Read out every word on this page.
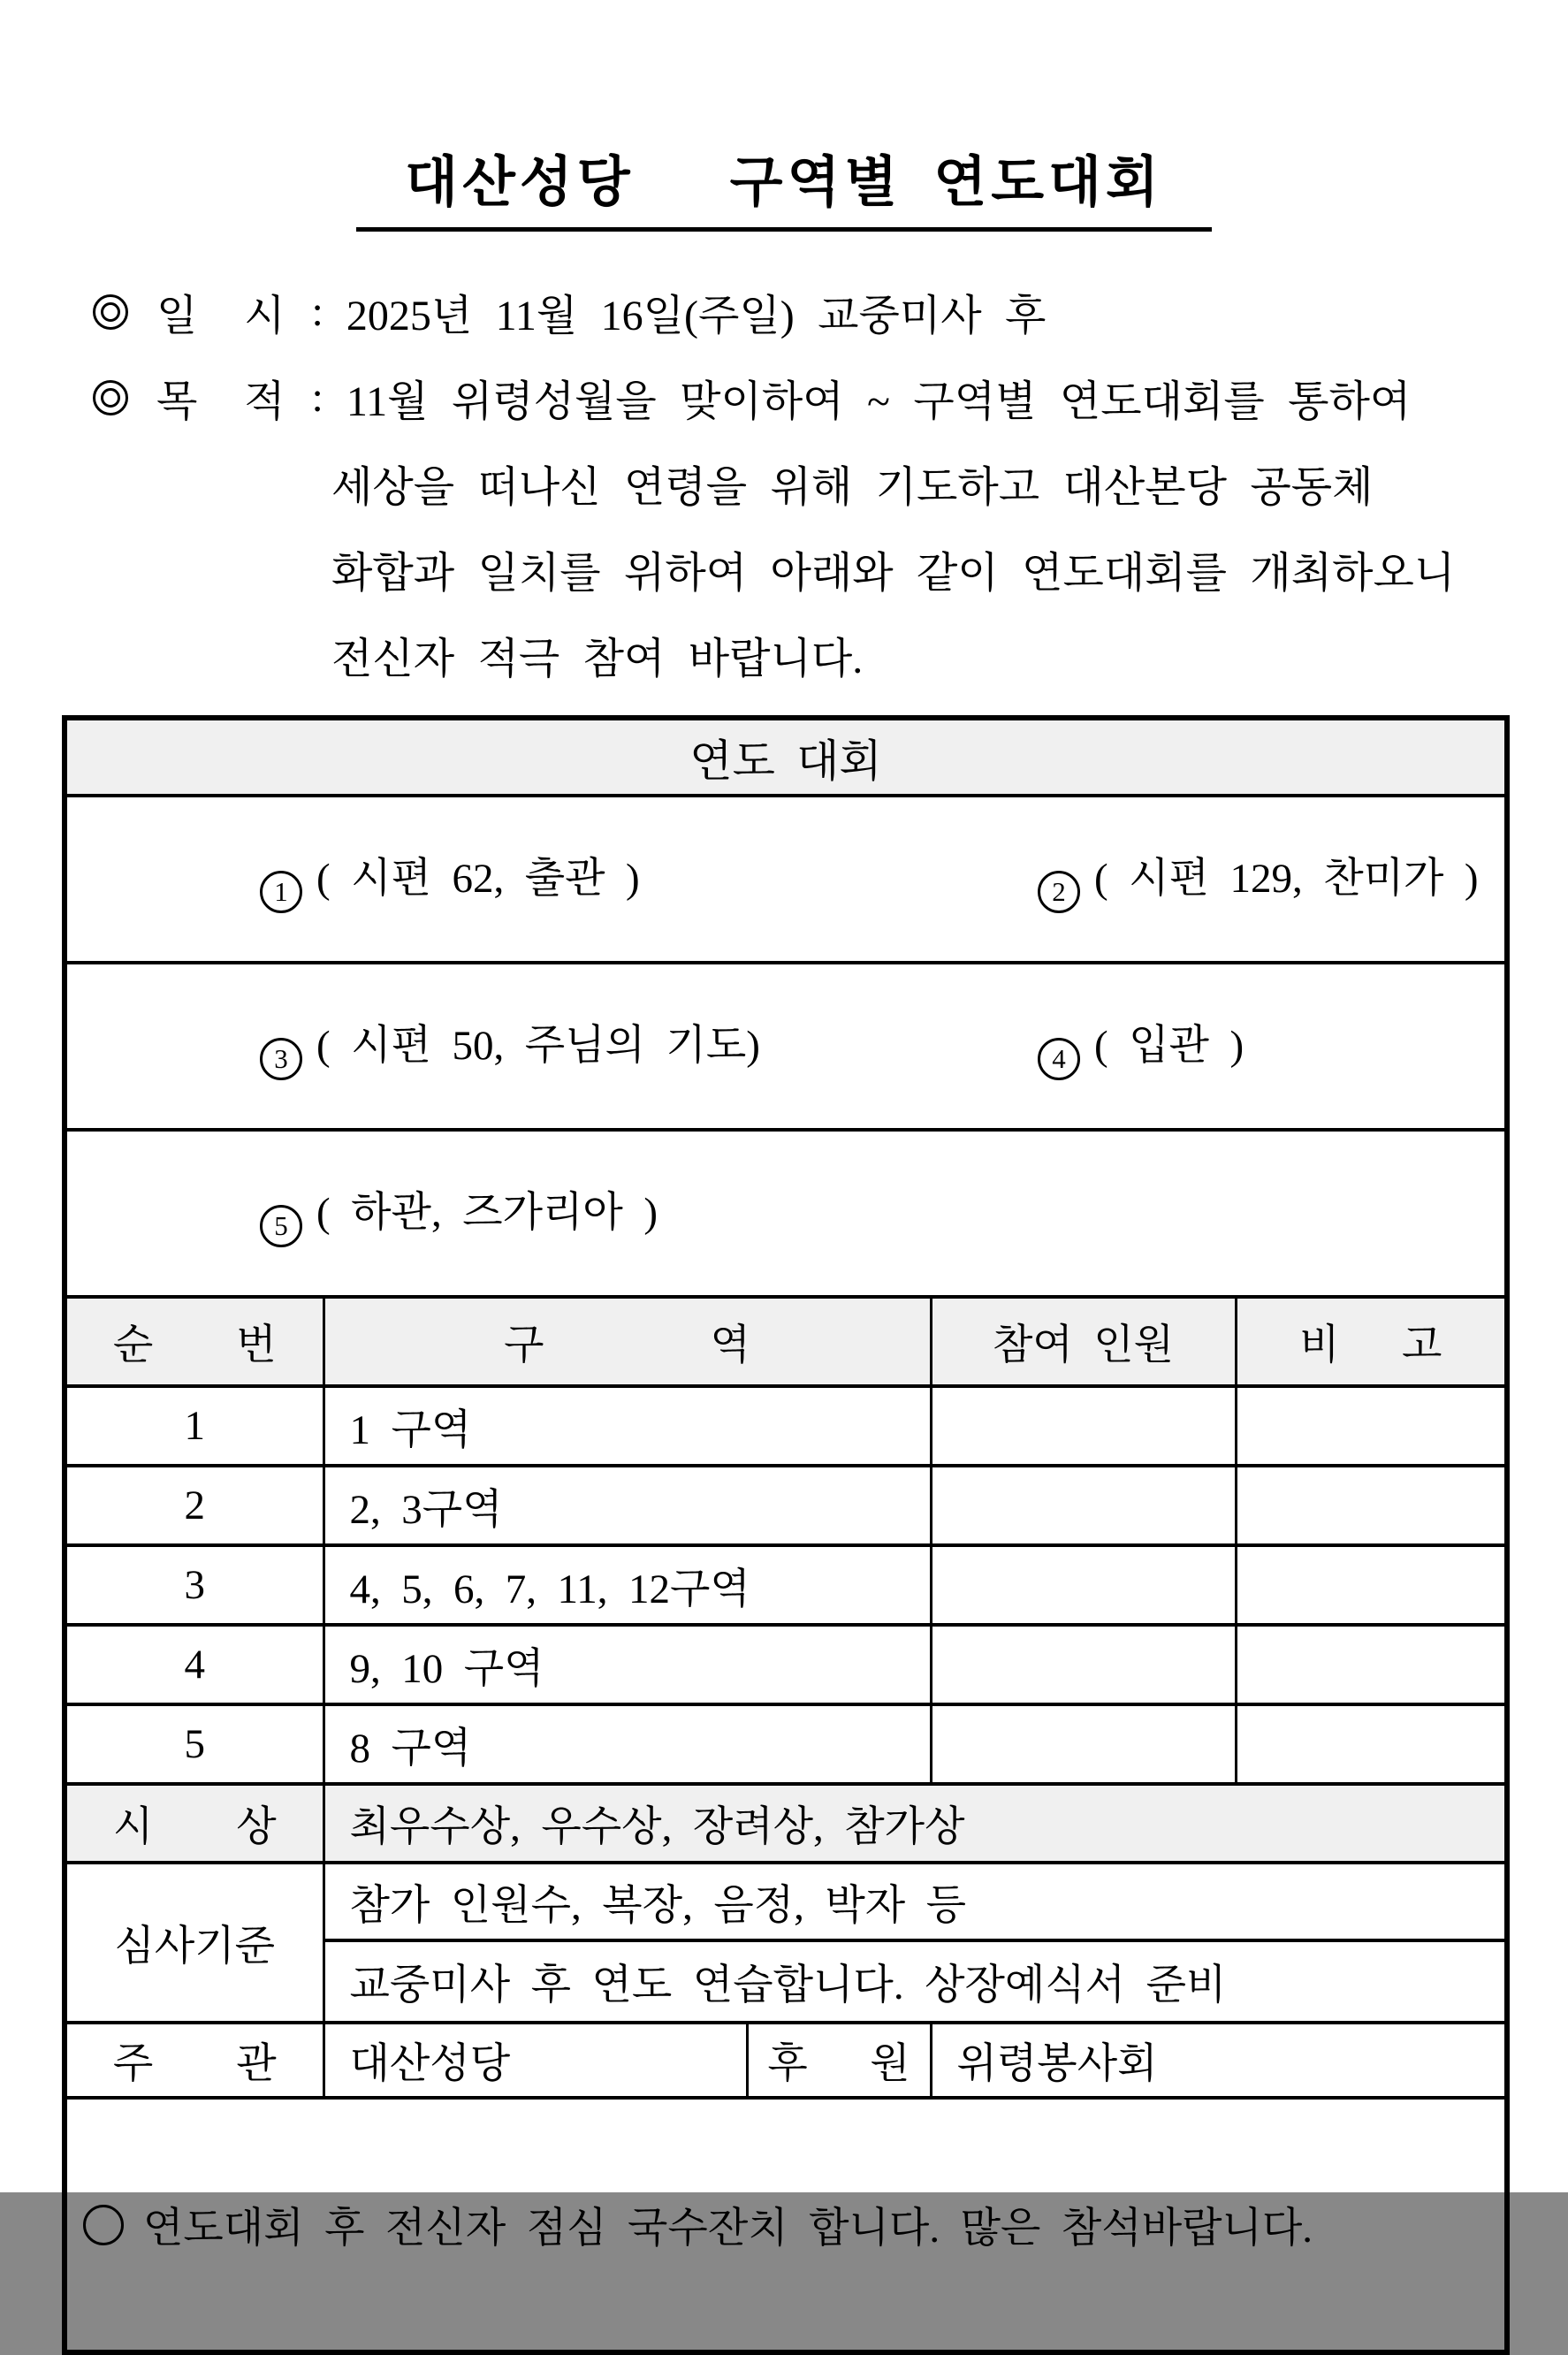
대산성당   구역별 연도대회
일  시 : 2025년 11월 16일(주일) 교중미사 후
목  적 : 11월 위령성월을 맞이하여 ~ 구역별 연도대회를 통하여
세상을 떠나신 연령을 위해 기도하고 대산본당 공동체
화합과 일치를 위하여 아래와 같이 연도대회를 개최하오니
전신자 적극 참여 바랍니다.
연도 대회				

1 ( 시편 62, 출관 ) 2 ( 시편 129, 찬미가 )				

3 ( 시편 50, 주님의 기도) 4 ( 입관 )				

5 ( 하관, 즈가리아 )				

순    번	구        역		참여 인원	비   고
1	1 구역			
2	2, 3구역			
3	4, 5, 6, 7, 11, 12구역			
4	9, 10 구역			
5	8 구역			
시    상	최우수상, 우수상, 장려상, 참가상			
심사기준	참가 인원수, 복장, 음정, 박자 등			
	교중미사 후 연도 연습합니다. 상장예식서 준비			
주    관	대산성당	후   원	위령봉사회	

연도대회 후 전신자 점심 국수잔치 합니다. 많은 참석바랍니다.				
